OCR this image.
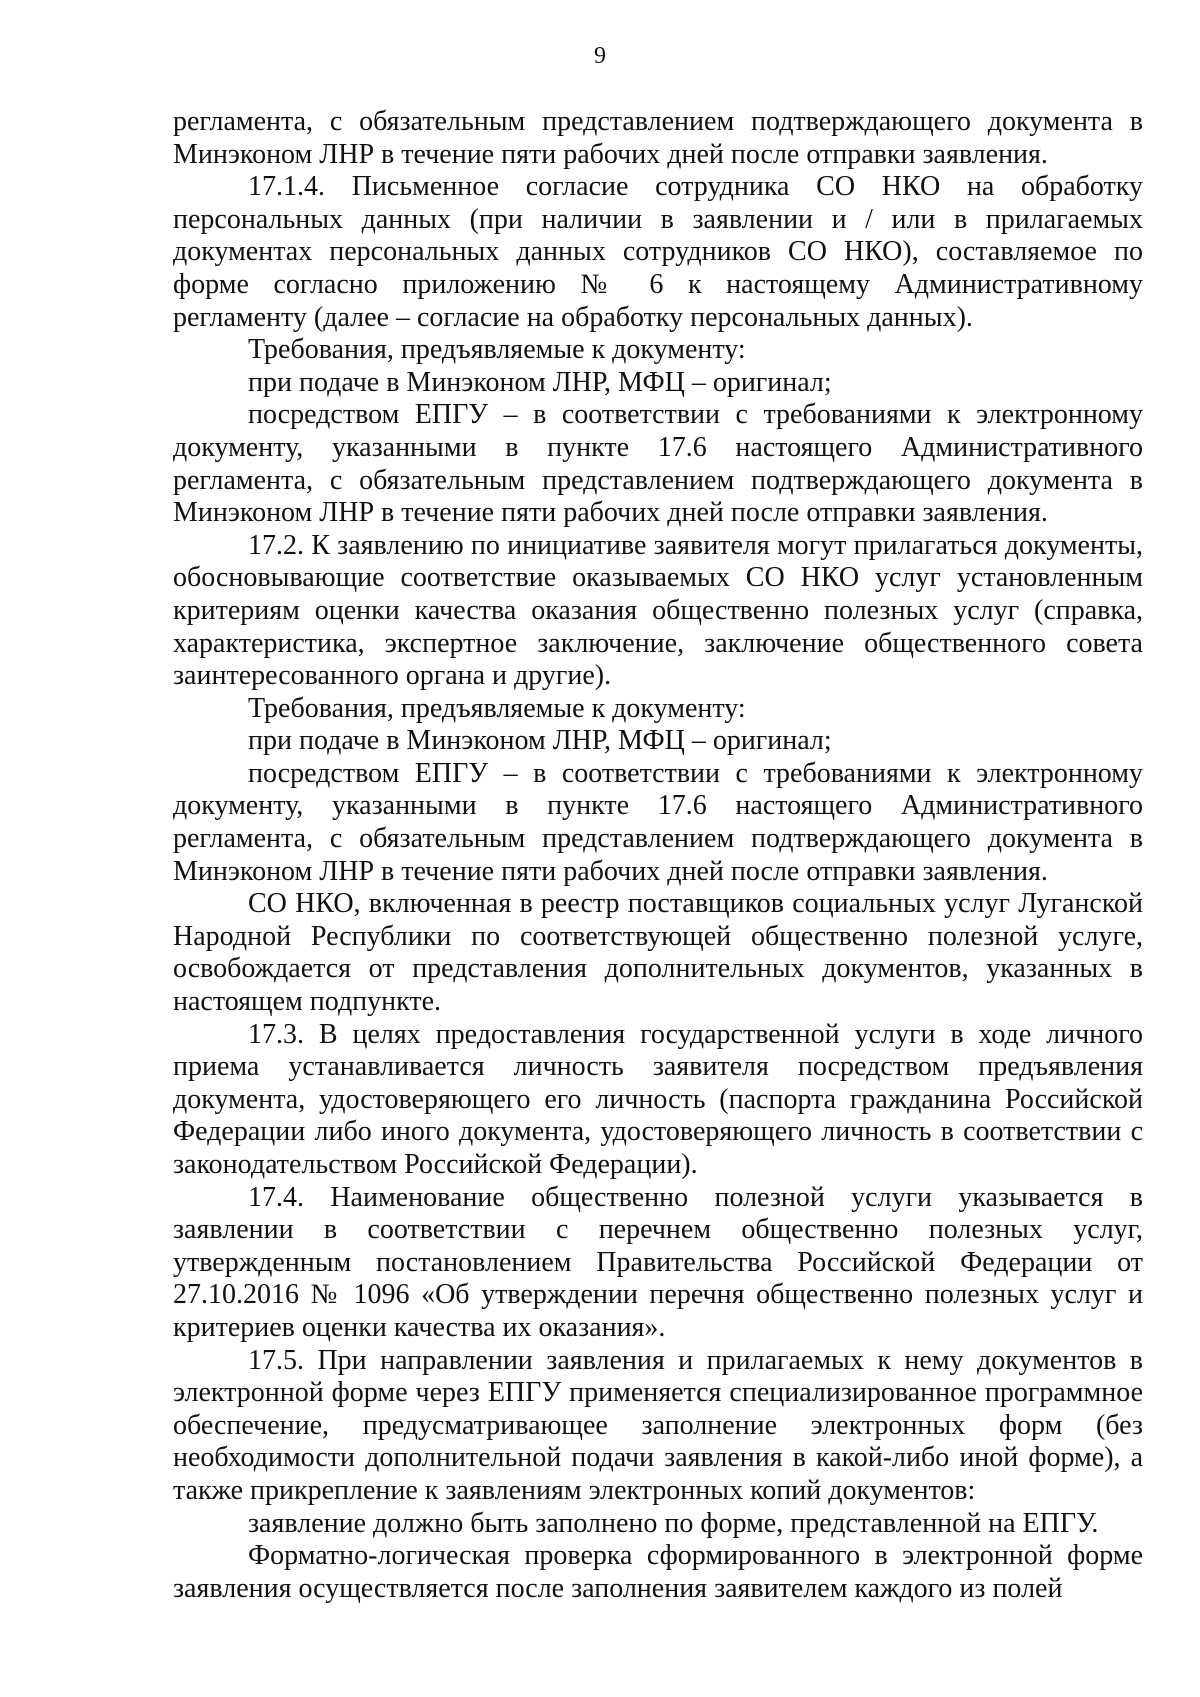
9

регламента, с обязательным представлением подтверждающего документа в Минэконом ЛНР в течение пяти рабочих дней после отправки заявления.

17.1.4. Письменное согласие сотрудника СО НКО на обработку персональных данных (при наличии в заявлении и / или в прилагаемых документах персональных данных сотрудников СО НКО), составляемое по форме согласно приложению № 6 к настоящему Административному регламенту (далее – согласие на обработку персональных данных).

Требования, предъявляемые к документу:

при подаче в Минэконом ЛНР, МФЦ – оригинал;

посредством ЕПГУ – в соответствии с требованиями к электронному документу, указанными в пункте 17.6 настоящего Административного регламента, с обязательным представлением подтверждающего документа в Минэконом ЛНР в течение пяти рабочих дней после отправки заявления.

17.2. К заявлению по инициативе заявителя могут прилагаться документы, обосновывающие соответствие оказываемых СО НКО услуг установленным критериям оценки качества оказания общественно полезных услуг (справка, характеристика, экспертное заключение, заключение общественного совета заинтересованного органа и другие).

Требования, предъявляемые к документу:

при подаче в Минэконом ЛНР, МФЦ – оригинал;

посредством ЕПГУ – в соответствии с требованиями к электронному документу, указанными в пункте 17.6 настоящего Административного регламента, с обязательным представлением подтверждающего документа в Минэконом ЛНР в течение пяти рабочих дней после отправки заявления.

СО НКО, включенная в реестр поставщиков социальных услуг Луганской Народной Республики по соответствующей общественно полезной услуге, освобождается от представления дополнительных документов, указанных в настоящем подпункте.

17.3. В целях предоставления государственной услуги в ходе личного приема устанавливается личность заявителя посредством предъявления документа, удостоверяющего его личность (паспорта гражданина Российской Федерации либо иного документа, удостоверяющего личность в соответствии с законодательством Российской Федерации).

17.4. Наименование общественно полезной услуги указывается в заявлении в соответствии с перечнем общественно полезных услуг, утвержденным постановлением Правительства Российской Федерации от 27.10.2016 № 1096 «Об утверждении перечня общественно полезных услуг и критериев оценки качества их оказания».

17.5. При направлении заявления и прилагаемых к нему документов в электронной форме через ЕПГУ применяется специализированное программное обеспечение, предусматривающее заполнение электронных форм (без необходимости дополнительной подачи заявления в какой-либо иной форме), а также прикрепление к заявлениям электронных копий документов:

заявление должно быть заполнено по форме, представленной на ЕПГУ.

Форматно-логическая проверка сформированного в электронной форме заявления осуществляется после заполнения заявителем каждого из полей
